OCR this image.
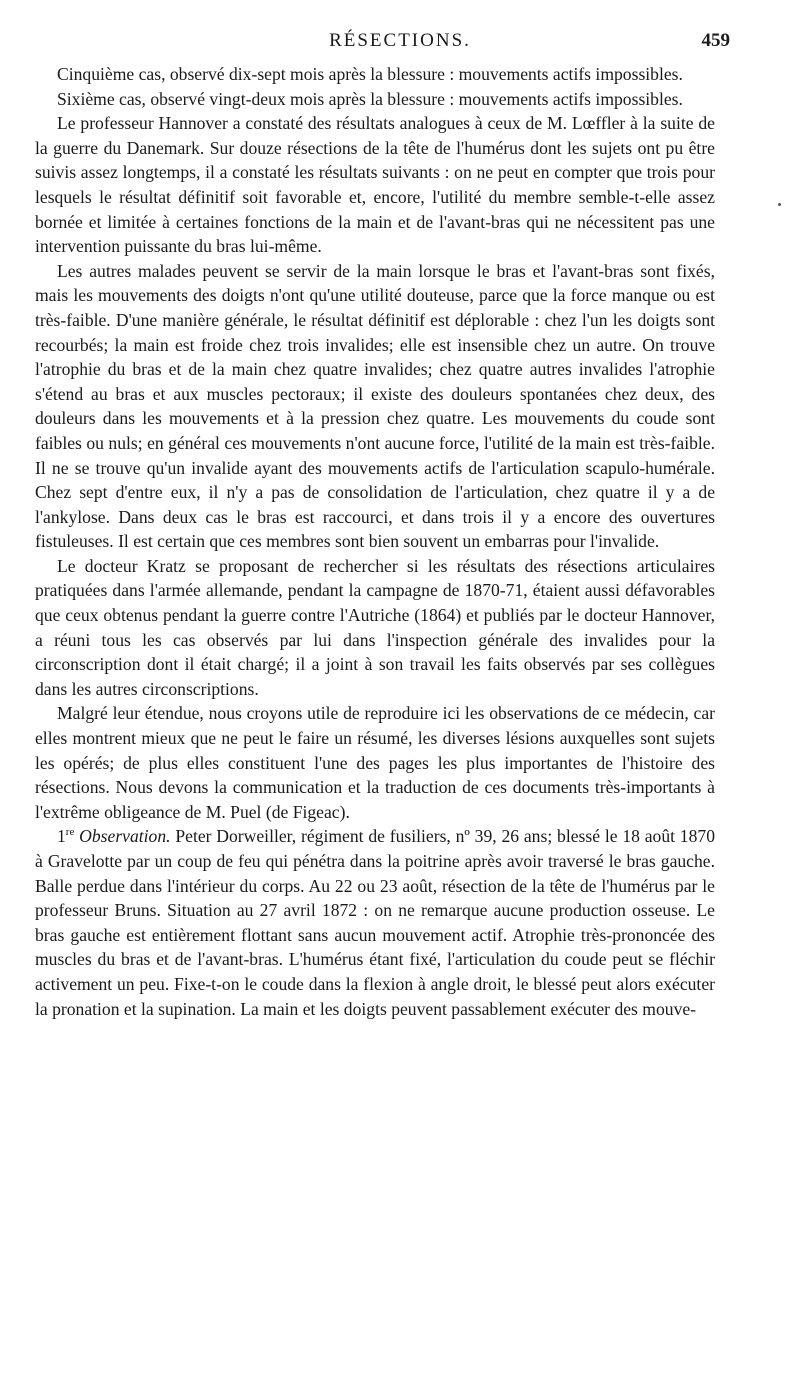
RÉSECTIONS.	459

Cinquième cas, observé dix-sept mois après la blessure : mouvements actifs impossibles.

Sixième cas, observé vingt-deux mois après la blessure : mouvements actifs impossibles.

Le professeur Hannover a constaté des résultats analogues à ceux de M. Lœffler à la suite de la guerre du Danemark. Sur douze résections de la tête de l'humérus dont les sujets ont pu être suivis assez longtemps, il a constaté les résultats suivants : on ne peut en compter que trois pour lesquels le résultat définitif soit favorable et, encore, l'utilité du membre semble-t-elle assez bornée et limitée à certaines fonctions de la main et de l'avant-bras qui ne nécessitent pas une intervention puissante du bras lui-même.

Les autres malades peuvent se servir de la main lorsque le bras et l'avant-bras sont fixés, mais les mouvements des doigts n'ont qu'une utilité douteuse, parce que la force manque ou est très-faible. D'une manière générale, le résultat définitif est déplorable : chez l'un les doigts sont recourbés; la main est froide chez trois invalides; elle est insensible chez un autre. On trouve l'atrophie du bras et de la main chez quatre invalides; chez quatre autres invalides l'atrophie s'étend au bras et aux muscles pectoraux; il existe des douleurs spontanées chez deux, des douleurs dans les mouvements et à la pression chez quatre. Les mouvements du coude sont faibles ou nuls; en général ces mouvements n'ont aucune force, l'utilité de la main est très-faible. Il ne se trouve qu'un invalide ayant des mouvements actifs de l'articulation scapulo-humérale. Chez sept d'entre eux, il n'y a pas de consolidation de l'articulation, chez quatre il y a de l'ankylose. Dans deux cas le bras est raccourci, et dans trois il y a encore des ouvertures fistuleuses. Il est certain que ces membres sont bien souvent un embarras pour l'invalide.

Le docteur Kratz se proposant de rechercher si les résultats des résections articulaires pratiquées dans l'armée allemande, pendant la campagne de 1870-71, étaient aussi défavorables que ceux obtenus pendant la guerre contre l'Autriche (1864) et publiés par le docteur Hannover, a réuni tous les cas observés par lui dans l'inspection générale des invalides pour la circonscription dont il était chargé; il a joint à son travail les faits observés par ses collègues dans les autres circonscriptions.

Malgré leur étendue, nous croyons utile de reproduire ici les observations de ce médecin, car elles montrent mieux que ne peut le faire un résumé, les diverses lésions auxquelles sont sujets les opérés; de plus elles constituent l'une des pages les plus importantes de l'histoire des résections. Nous devons la communication et la traduction de ces documents très-importants à l'extrême obligeance de M. Puel (de Figeac).

1re Observation. Peter Dorweiller, régiment de fusiliers, nº 39, 26 ans; blessé le 18 août 1870 à Gravelotte par un coup de feu qui pénétra dans la poitrine après avoir traversé le bras gauche. Balle perdue dans l'intérieur du corps. Au 22 ou 23 août, résection de la tête de l'humérus par le professeur Bruns. Situation au 27 avril 1872 : on ne remarque aucune production osseuse. Le bras gauche est entièrement flottant sans aucun mouvement actif. Atrophie très-prononcée des muscles du bras et de l'avant-bras. L'humérus étant fixé, l'articulation du coude peut se fléchir activement un peu. Fixe-t-on le coude dans la flexion à angle droit, le blessé peut alors exécuter la pronation et la supination. La main et les doigts peuvent passablement exécuter des mouve-
